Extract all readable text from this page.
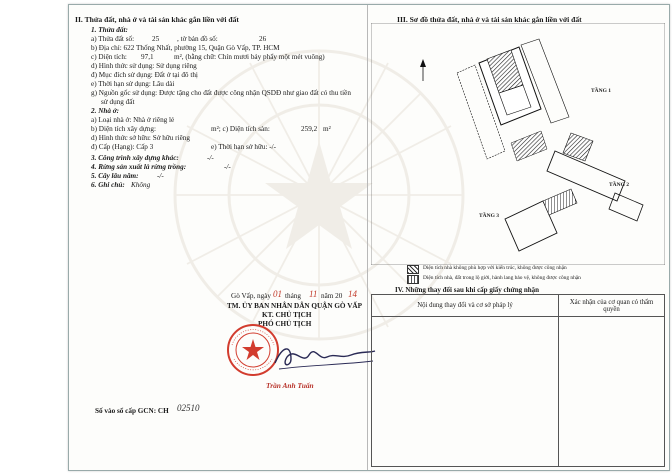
II. Thửa đất, nhà ở và tài sản khác gắn liền với đất
1. Thửa đất:
a) Thửa đất số: 25 , tờ bản đồ số:	26
b) Địa chỉ: 622 Thống Nhất, phường 15, Quận Gò Vấp, TP. HCM
c) Diện tích: 97,1	m², (bằng chữ: Chín mươi bảy phẩy một mét vuông)
d) Hình thức sử dụng: Sử dụng riêng
đ) Mục đích sử dụng: Đất ở tại đô thị
e) Thời hạn sử dụng: Lâu dài
g) Nguồn gốc sử dụng: Được tặng cho đất được công nhận QSDĐ như giao đất có thu tiền
sử dụng đất
2. Nhà ở:
a) Loại nhà ở: Nhà ở riêng lẻ
b) Diện tích xây dựng:	m²; c) Diện tích sàn:	259,2 m²
d) Hình thức sở hữu: Sở hữu riêng
đ) Cấp (Hạng): Cấp 3	e) Thời hạn sở hữu: -/-
3. Công trình xây dựng khác:	-/-
4. Rừng sản xuất là rừng trồng:	-/-
5. Cây lâu năm:	-/-
6. Ghi chú: Không
Gò Vấp, ngày 01 tháng 11 năm 20 14
TM. ỦY BAN NHÂN DÂN QUẬN GÒ VẤP
KT. CHỦ TỊCH
PHÓ CHỦ TỊCH
Trần Anh Tuấn
Số vào sổ cấp GCN: CH 02510
III. Sơ đồ thửa đất, nhà ở và tài sản khác gắn liền với đất
TẦNG 1
TẦNG 2
TẦNG 3
Diện tích nhà không phù hợp với kiến trúc, không được công nhận
Diện tích nhà, đất trong lộ giới, hành lang bảo vệ, không được công nhận
IV. Những thay đổi sau khi cấp giấy chứng nhận
Nội dung thay đổi và cơ sở pháp lý	Xác nhận của cơ quan có thẩm quyền
